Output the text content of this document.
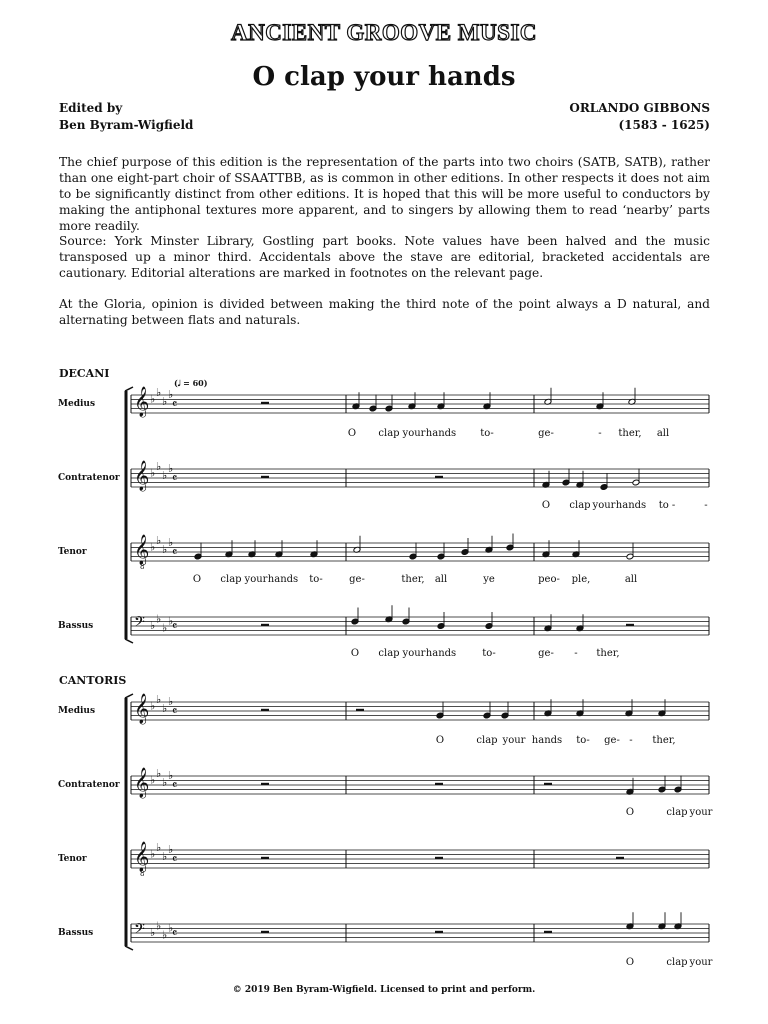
ANCIENT GROOVE MUSIC
O clap your hands
Edited by
Ben Byram-Wigfield
ORLANDO GIBBONS
(1583 - 1625)
The chief purpose of this edition is the representation of the parts into two choirs (SATB, SATB), rather than one eight-part choir of SSAATTBB, as is common in other editions. In other respects it does not aim to be significantly distinct from other editions. It is hoped that this will be more useful to conductors by making the antiphonal textures more apparent, and to singers by allowing them to read ‘nearby’ parts more readily.
Source: York Minster Library, Gostling part books. Note values have been halved and the music transposed up a minor third. Accidentals above the stave are editorial, bracketed accidentals are cautionary. Editorial alterations are marked in footnotes on the relevant page.
At the Gloria, opinion is divided between making the third note of the point always a D natural, and alternating between flats and naturals.
DECANI
CANTORIS
Medius
Contratenor
Tenor
Bassus
Medius
Contratenor
Tenor
Bassus
(𝅗𝅥 = 60)
𝄞 ♭
♭
♭
♭
𝄴
𝄞 ♭
♭
♭
♭
𝄴
𝄞
8
♭
♭
♭
♭
𝄴
𝄢 ♭
♭
♭
♭
𝄴
𝄞 ♭
♭
♭
♭
𝄴
𝄞 ♭
♭
♭
♭
𝄴
𝄞
8
♭
♭
♭
♭
𝄴
𝄢 ♭
♭
♭
♭
𝄴
O clap your hands to-	ge-	- ther, all
O clap your hands to -	-
O clap your hands to-	ge-	ther, all	ye	peo- ple,	all
O clap your hands	to-	ge- - ther,
O	clap your hands to- ge- - ther,
O	clap your
O	clap your
© 2019 Ben Byram-Wigfield. Licensed to print and perform.
